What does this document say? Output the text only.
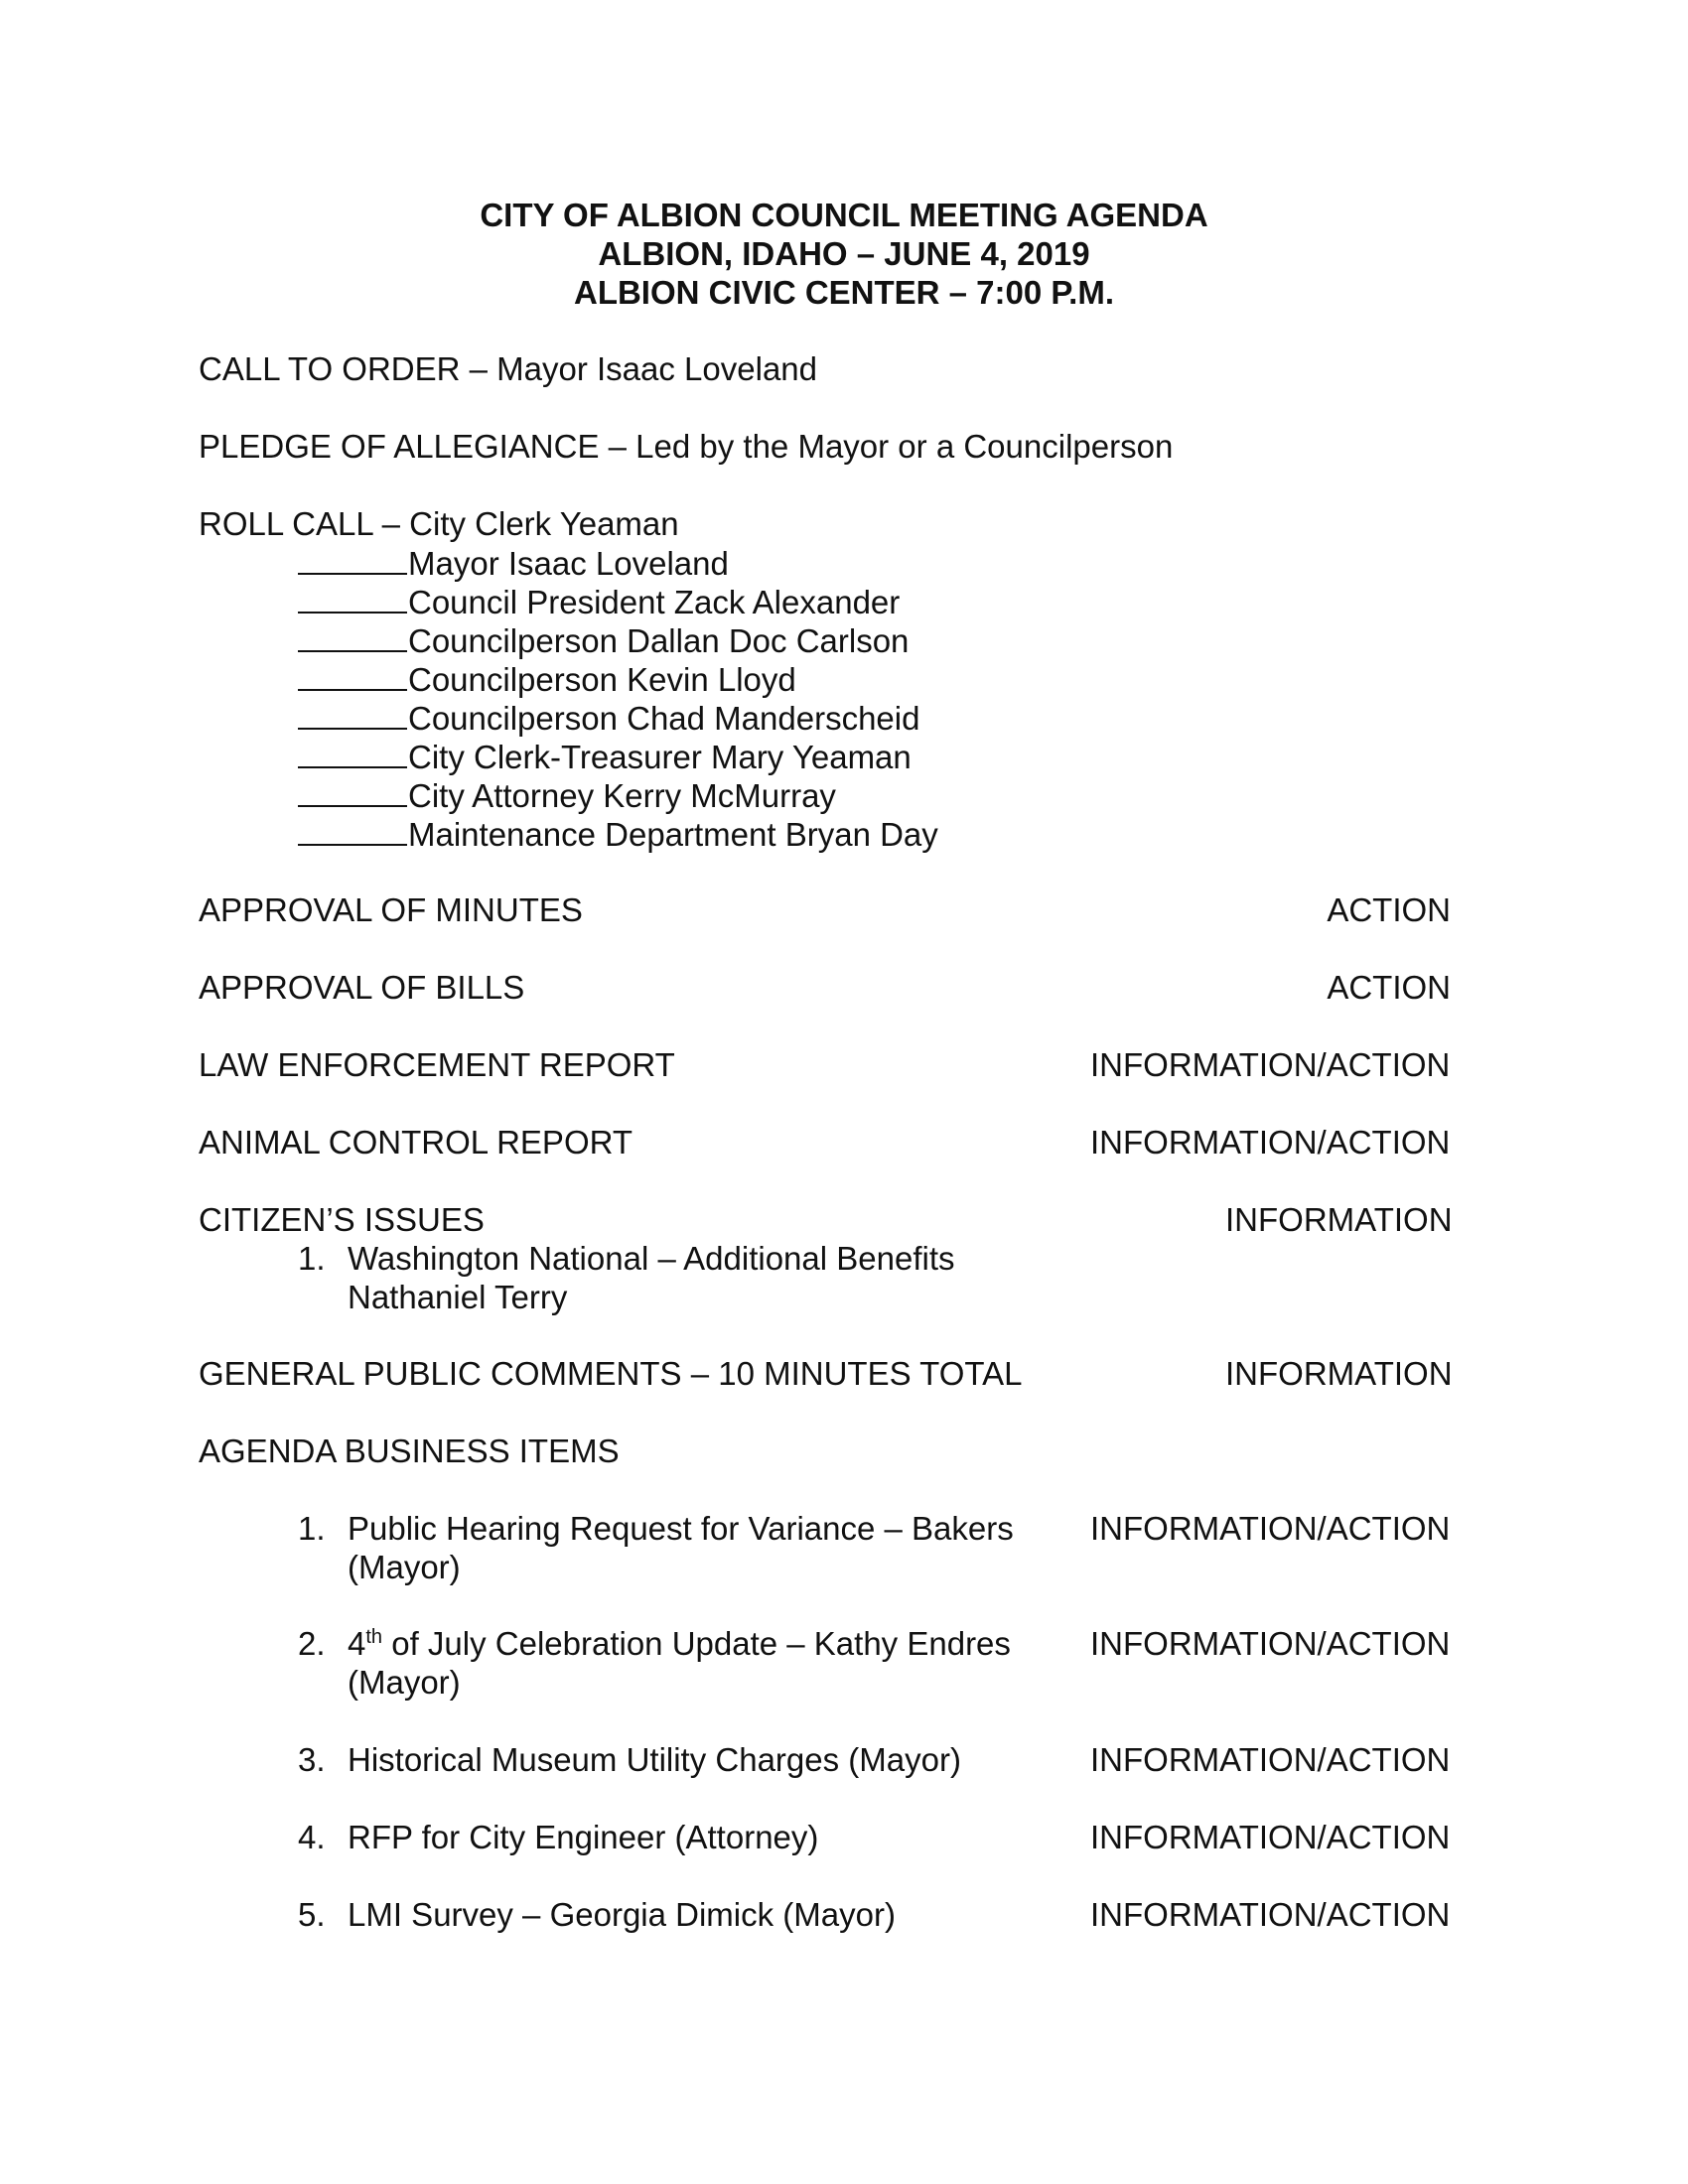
CITY OF ALBION COUNCIL MEETING AGENDA
ALBION, IDAHO – JUNE 4, 2019
ALBION CIVIC CENTER – 7:00 P.M.
CALL TO ORDER – Mayor Isaac Loveland
PLEDGE OF ALLEGIANCE – Led by the Mayor or a Councilperson
ROLL CALL – City Clerk Yeaman
Mayor Isaac Loveland
Council President Zack Alexander
Councilperson Dallan Doc Carlson
Councilperson Kevin Lloyd
Councilperson Chad Manderscheid
City Clerk-Treasurer Mary Yeaman
City Attorney Kerry McMurray
Maintenance Department Bryan Day
APPROVAL OF MINUTES	ACTION
APPROVAL OF BILLS	ACTION
LAW ENFORCEMENT REPORT	INFORMATION/ACTION
ANIMAL CONTROL REPORT	INFORMATION/ACTION
CITIZEN’S ISSUES	INFORMATION
1. Washington National – Additional Benefits
Nathaniel Terry
GENERAL PUBLIC COMMENTS – 10 MINUTES TOTAL	INFORMATION
AGENDA BUSINESS ITEMS
1. Public Hearing Request for Variance – Bakers
(Mayor)
INFORMATION/ACTION
2. 4th of July Celebration Update – Kathy Endres
(Mayor)
INFORMATION/ACTION
3. Historical Museum Utility Charges (Mayor)	INFORMATION/ACTION
4. RFP for City Engineer (Attorney)	INFORMATION/ACTION
5. LMI Survey – Georgia Dimick (Mayor)	INFORMATION/ACTION
